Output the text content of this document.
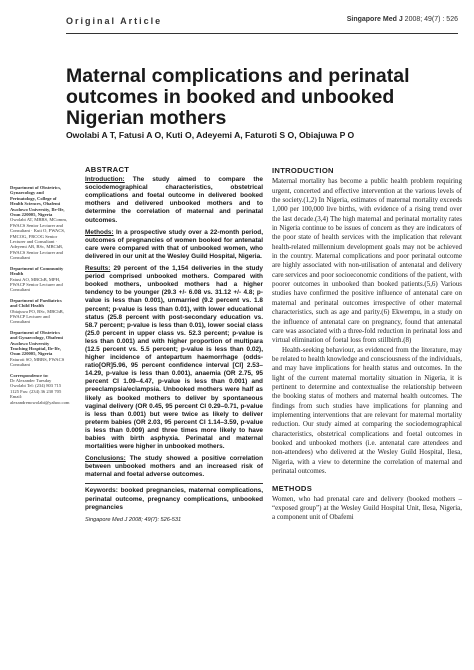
Original Article	Singapore Med J 2008; 49(7) : 526
Maternal complications and perinatal outcomes in booked and unbooked Nigerian mothers
Owolabi A T, Fatusi A O, Kuti O, Adeyemi A, Faturoti S O, Obiajuwa P O
Department of Obstetrics, Gynaecology and Perinatology, College of Health Sciences, Obafemi Awolowo University, Ile-Ife, Osun 220005, Nigeria
Owolabi AT, MBBS, MComm, FWACS Senior Lecturer and Consultant · Kuti O, FWACS, FMCOG, FRCOG Senior Lecturer and Consultant · Adeyemi AB, BSc, MBChB, FWACS Senior Lecturer and Consultant
Department of Community Health
Fatusi AO, MBChB, MPH, FWACP Senior Lecturer and Consultant
Department of Paediatrics and Child Health
Obiajuwa PO, BSc, MBChB, FWACP Lecturer and Consultant
Department of Obstetrics and Gynaecology, Obafemi Awolowo University Teaching Hospital, Ile-Ife, Osun 220005, Nigeria
Faturoti SO, MBBS, FWACS Consultant
Correspondence to:
Dr Alexander Tuesday Owolabi Tel: (234) 803 715 1125 Fax: (234) 36 230 705 Email: alexandrenowolabi@yahoo.com
ABSTRACT

Introduction: The study aimed to compare the sociodemographical characteristics, obstetrical complications and foetal outcome in delivered booked mothers and delivered unbooked mothers and to determine the correlation of maternal and perinatal outcomes.

Methods: In a prospective study over a 22-month period, outcomes of pregnancies of women booked for antenatal care were compared with that of unbooked women, who delivered in our unit at the Wesley Guild Hospital, Nigeria.

Results: 29 percent of the 1,154 deliveries in the study period comprised unbooked mothers. Compared with booked mothers, unbooked mothers had a higher tendency to be younger (29.3 +/- 6.08 vs. 31.12 +/- 4.8; p-value is less than 0.001), unmarried (9.2 percent vs. 1.8 percent; p-value is less than 0.01), with lower educational status (25.8 percent with post-secondary education vs. 58.7 percent; p-value is less than 0.01), lower social class (25.0 percent in upper class vs. 52.3 percent; p-value is less than 0.001) and with higher proportion of multipara (12.5 percent vs. 5.5 percent; p-value is less than 0.02), higher incidence of antepartum haemorrhage (odds-ratio[OR]5.96, 95 percent confidence interval [CI] 2.53–14.29, p-value is less than 0.001), anaemia (OR 2.75, 95 percent CI 1.09–4.47, p-value is less than 0.001) and preeclampsia/eclampsia. Unbooked mothers were half as likely as booked mothers to deliver by spontaneous vaginal delivery (OR 0.45, 95 percent CI 0.29–0.71, p-value is less than 0.001) but were twice as likely to deliver preterm babies (OR 2.03, 95 percent CI 1.14–3.59, p-value is less than 0.009) and three times more likely to have babies with birth asphyxia. Perinatal and maternal mortalities were higher in unbooked mothers.

Conclusions: The study showed a positive correlation between unbooked mothers and an increased risk of maternal and foetal adverse outcomes.

Keywords: booked pregnancies, maternal complications, perinatal outcome, pregnancy complications, unbooked pregnancies

Singapore Med J 2008; 49(7): 526-531

INTRODUCTION

Maternal mortality has become a public health problem requiring urgent, concerted and effective intervention at the various levels of the society.(1,2) In Nigeria, estimates of maternal mortality exceeds 1,000 per 100,000 live births, with evidence of a rising trend over the last decade.(3,4) The high maternal and perinatal mortality rates in Nigeria continue to be issues of concern as they are indicators of the poor state of health services with the implication that relevant health-related millennium development goals may not be achieved in the country. Maternal complications and poor perinatal outcome are highly associated with non-utilisation of antenatal and delivery care services and poor socioeconomic conditions of the patient, with poorer outcomes in unbooked than booked patients.(5,6) Various studies have confirmed the positive influence of antenatal care on maternal and perinatal outcomes irrespective of other maternal characteristics, such as age and parity.(6) Ekwempu, in a study on the influence of antenatal care on pregnancy, found that antenatal care was associated with a three-fold reduction in perinatal loss and virtual elimination of foetal loss from stillbirth.(8)

Health-seeking behaviour, as evidenced from the literature, may be related to health knowledge and consciousness of the individuals, and may have implications for health status and outcomes. In the light of the current maternal mortality situation in Nigeria, it is pertinent to determine and contextualise the relationship between the booking status of mothers and maternal health outcomes. The findings from such studies have implications for planning and implementing interventions that are relevant for maternal mortality reduction. Our study aimed at comparing the sociodemographical characteristics, obstetrical complications and foetal outcomes in booked and unbooked mothers (i.e. antenatal care attendees and non-attendees) who delivered at the Wesley Guild Hospital, Ilesa, Nigeria, with a view to determine the correlation of maternal and perinatal outcomes.

METHODS

Women, who had prenatal care and delivery (booked mothers – “exposed group”) at the Wesley Guild Hospital Unit, Ilesa, Nigeria, a component unit of Obafemi
